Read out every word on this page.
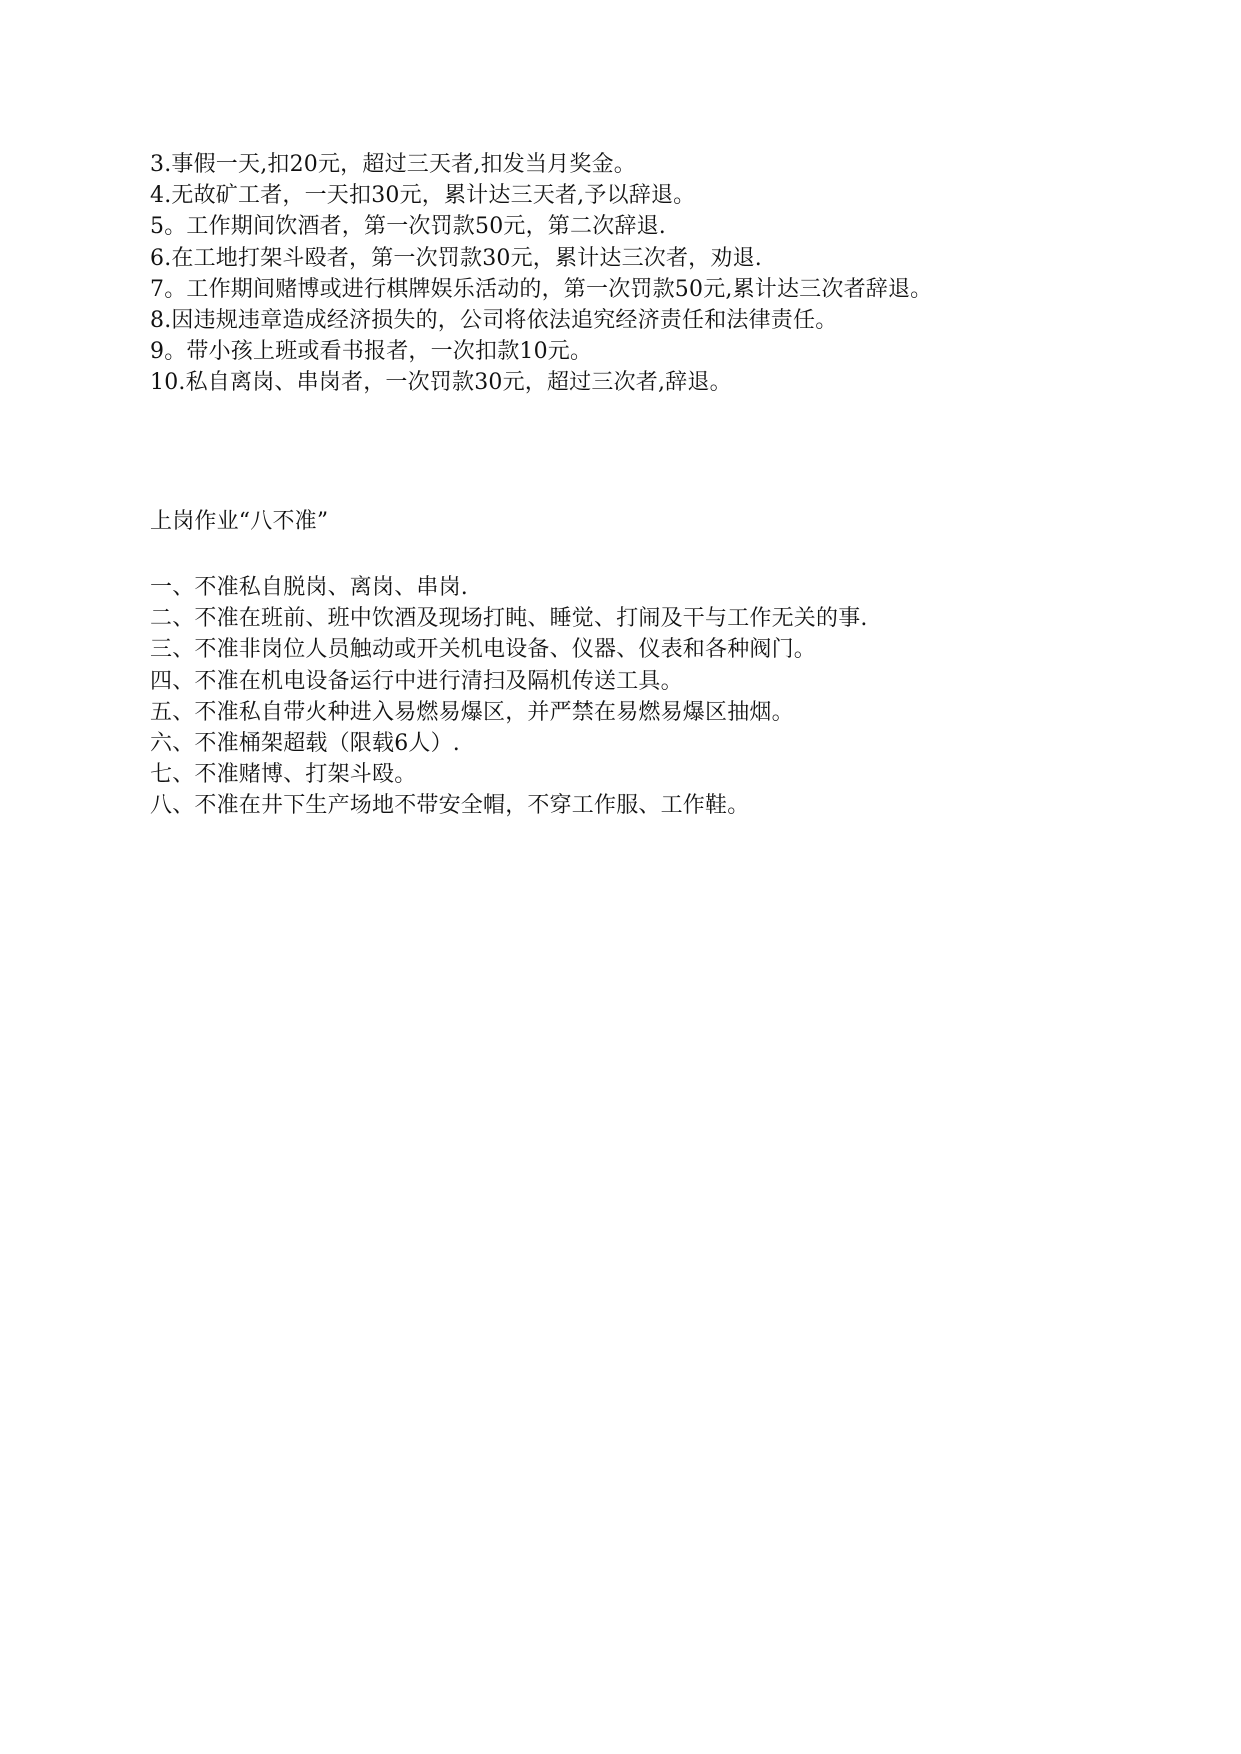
3.事假一天,扣20元，超过三天者,扣发当月奖金。
4.无故矿工者，一天扣30元，累计达三天者,予以辞退。
5。工作期间饮酒者，第一次罚款50元，第二次辞退.
6.在工地打架斗殴者，第一次罚款30元，累计达三次者，劝退.
7。工作期间赌博或进行棋牌娱乐活动的，第一次罚款50元,累计达三次者辞退。
8.因违规违章造成经济损失的，公司将依法追究经济责任和法律责任。
9。带小孩上班或看书报者，一次扣款10元。
10.私自离岗、串岗者，一次罚款30元，超过三次者,辞退。
上岗作业“八不准”
一、不准私自脱岗、离岗、串岗.
二、不准在班前、班中饮酒及现场打盹、睡觉、打闹及干与工作无关的事.
三、不准非岗位人员触动或开关机电设备、仪器、仪表和各种阀门。
四、不准在机电设备运行中进行清扫及隔机传送工具。
五、不准私自带火种进入易燃易爆区，并严禁在易燃易爆区抽烟。
六、不准桶架超载（限载6人）.
七、不准赌博、打架斗殴。
八、不准在井下生产场地不带安全帽，不穿工作服、工作鞋。
